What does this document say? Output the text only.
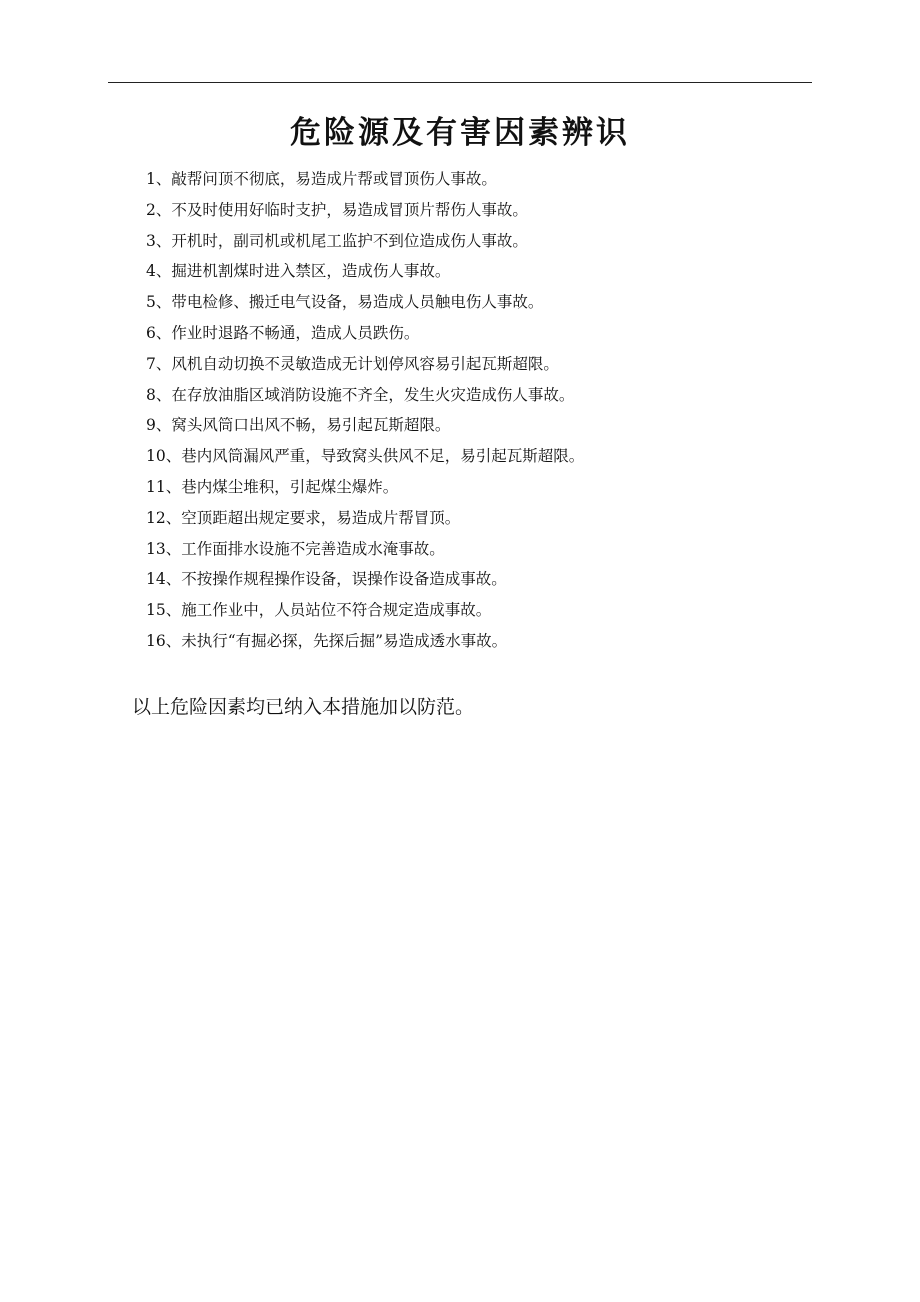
危险源及有害因素辨识
1、敲帮问顶不彻底，易造成片帮或冒顶伤人事故。
2、不及时使用好临时支护，易造成冒顶片帮伤人事故。
3、开机时，副司机或机尾工监护不到位造成伤人事故。
4、掘进机割煤时进入禁区，造成伤人事故。
5、带电检修、搬迁电气设备，易造成人员触电伤人事故。
6、作业时退路不畅通，造成人员跌伤。
7、风机自动切换不灵敏造成无计划停风容易引起瓦斯超限。
8、在存放油脂区域消防设施不齐全，发生火灾造成伤人事故。
9、窝头风筒口出风不畅，易引起瓦斯超限。
10、巷内风筒漏风严重，导致窝头供风不足，易引起瓦斯超限。
11、巷内煤尘堆积，引起煤尘爆炸。
12、空顶距超出规定要求，易造成片帮冒顶。
13、工作面排水设施不完善造成水淹事故。
14、不按操作规程操作设备，误操作设备造成事故。
15、施工作业中，人员站位不符合规定造成事故。
16、未执行“有掘必探，先探后掘”易造成透水事故。
以上危险因素均已纳入本措施加以防范。
